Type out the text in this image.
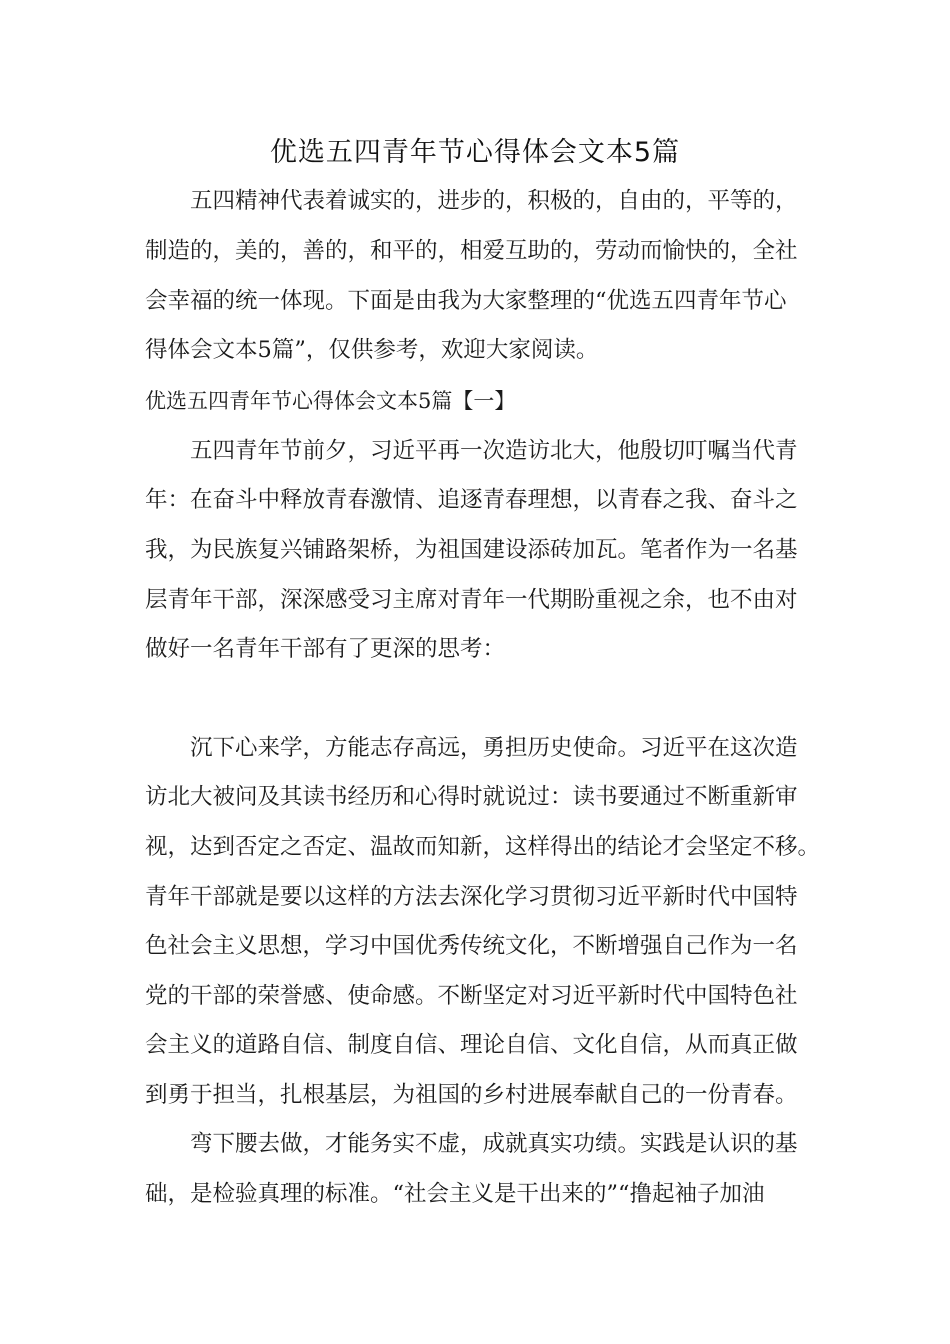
优选五四青年节心得体会文本5篇
五四精神代表着诚实的，进步的，积极的，自由的，平等的，
制造的，美的，善的，和平的，相爱互助的，劳动而愉快的，全社
会幸福的统一体现。下面是由我为大家整理的“优选五四青年节心
得体会文本5篇”，仅供参考，欢迎大家阅读。
优选五四青年节心得体会文本5篇【一】
五四青年节前夕，习近平再一次造访北大，他殷切叮嘱当代青
年：在奋斗中释放青春激情、追逐青春理想，以青春之我、奋斗之
我，为民族复兴铺路架桥，为祖国建设添砖加瓦。笔者作为一名基
层青年干部，深深感受习主席对青年一代期盼重视之余，也不由对
做好一名青年干部有了更深的思考：
沉下心来学，方能志存高远，勇担历史使命。习近平在这次造
访北大被问及其读书经历和心得时就说过：读书要通过不断重新审
视，达到否定之否定、温故而知新，这样得出的结论才会坚定不移。
青年干部就是要以这样的方法去深化学习贯彻习近平新时代中国特
色社会主义思想，学习中国优秀传统文化，不断增强自己作为一名
党的干部的荣誉感、使命感。不断坚定对习近平新时代中国特色社
会主义的道路自信、制度自信、理论自信、文化自信，从而真正做
到勇于担当，扎根基层，为祖国的乡村进展奉献自己的一份青春。
弯下腰去做，才能务实不虚，成就真实功绩。实践是认识的基
础，是检验真理的标准。“社会主义是干出来的”“撸起袖子加油
